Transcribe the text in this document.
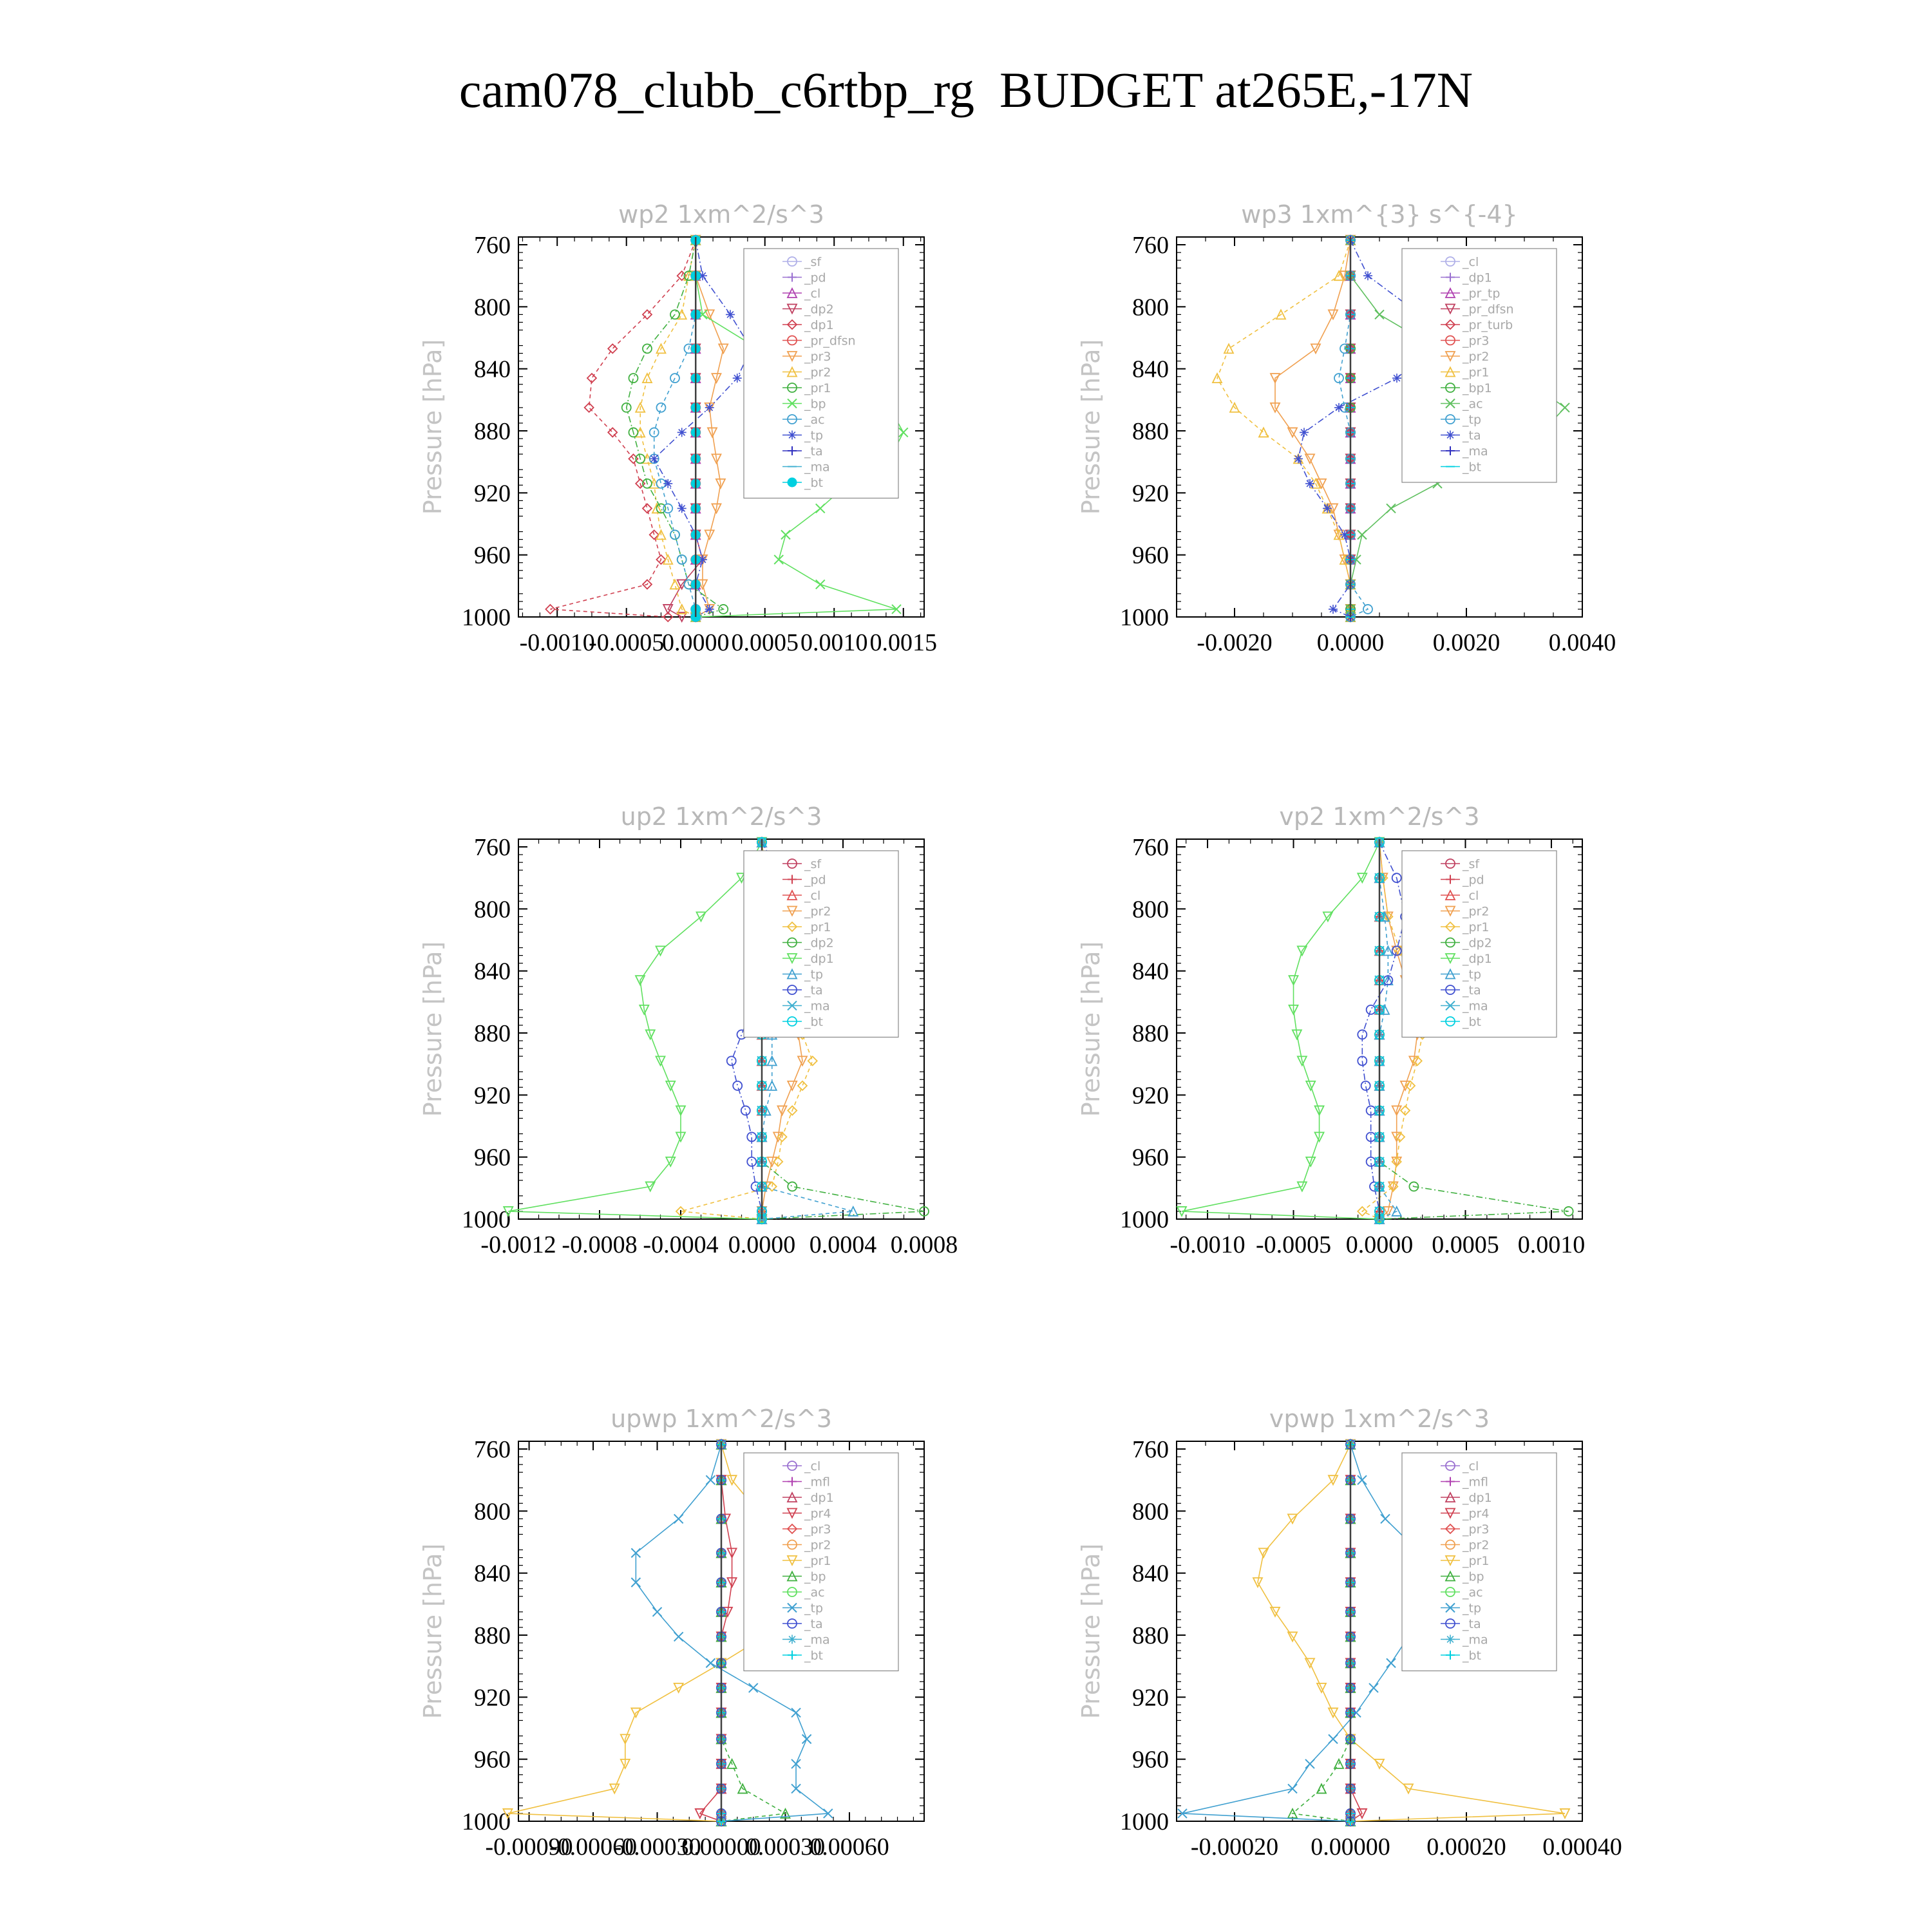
cam078_clubb_c6rtbp_rg  BUDGET at265E,-17N
wp2 1xm^2/s^3
Pressure [hPa]
760
800
840
880
920
960
1000
-0.0010
-0.0005
0.0000 0.0005 0.0010 0.0015
_sf
_pd
_cl
_dp2
_dp1
_pr_dfsn
_pr3
_pr2
_pr1
_bp
_ac
_tp
_ta
_ma
_bt
wp3 1xm^{3} s^{-4}
Pressure [hPa]
760
800
840
880
920
960
1000
-0.0020 0.0000 0.0020 0.0040
_cl
_dp1
_pr_tp
_pr_dfsn
_pr_turb
_pr3
_pr2
_pr1
_bp1
_ac
_tp
_ta
_ma
_bt
up2 1xm^2/s^3
Pressure [hPa]
760
800
840
880
920
960
1000
-0.0012 -0.0008 -0.0004 0.0000 0.0004 0.0008
_sf
_pd
_cl
_pr2
_pr1
_dp2
_dp1
_tp
_ta
_ma
_bt
vp2 1xm^2/s^3
Pressure [hPa]
760
800
840
880
920
960
1000
-0.0010 -0.0005 0.0000 0.0005 0.0010
_sf
_pd
_cl
_pr2
_pr1
_dp2
_dp1
_tp
_ta
_ma
_bt
upwp 1xm^2/s^3
Pressure [hPa]
760
800
840
880
920
960
1000
-0.00090
-0.00060
-0.00030
0.00000
0.00030
0.00060
_cl
_mfl
_dp1
_pr4
_pr3
_pr2
_pr1
_bp
_ac
_tp
_ta
_ma
_bt
vpwp 1xm^2/s^3
Pressure [hPa]
760
800
840
880
920
960
1000
-0.00020 0.00000 0.00020 0.00040
_cl
_mfl
_dp1
_pr4
_pr3
_pr2
_pr1
_bp
_ac
_tp
_ta
_ma
_bt
